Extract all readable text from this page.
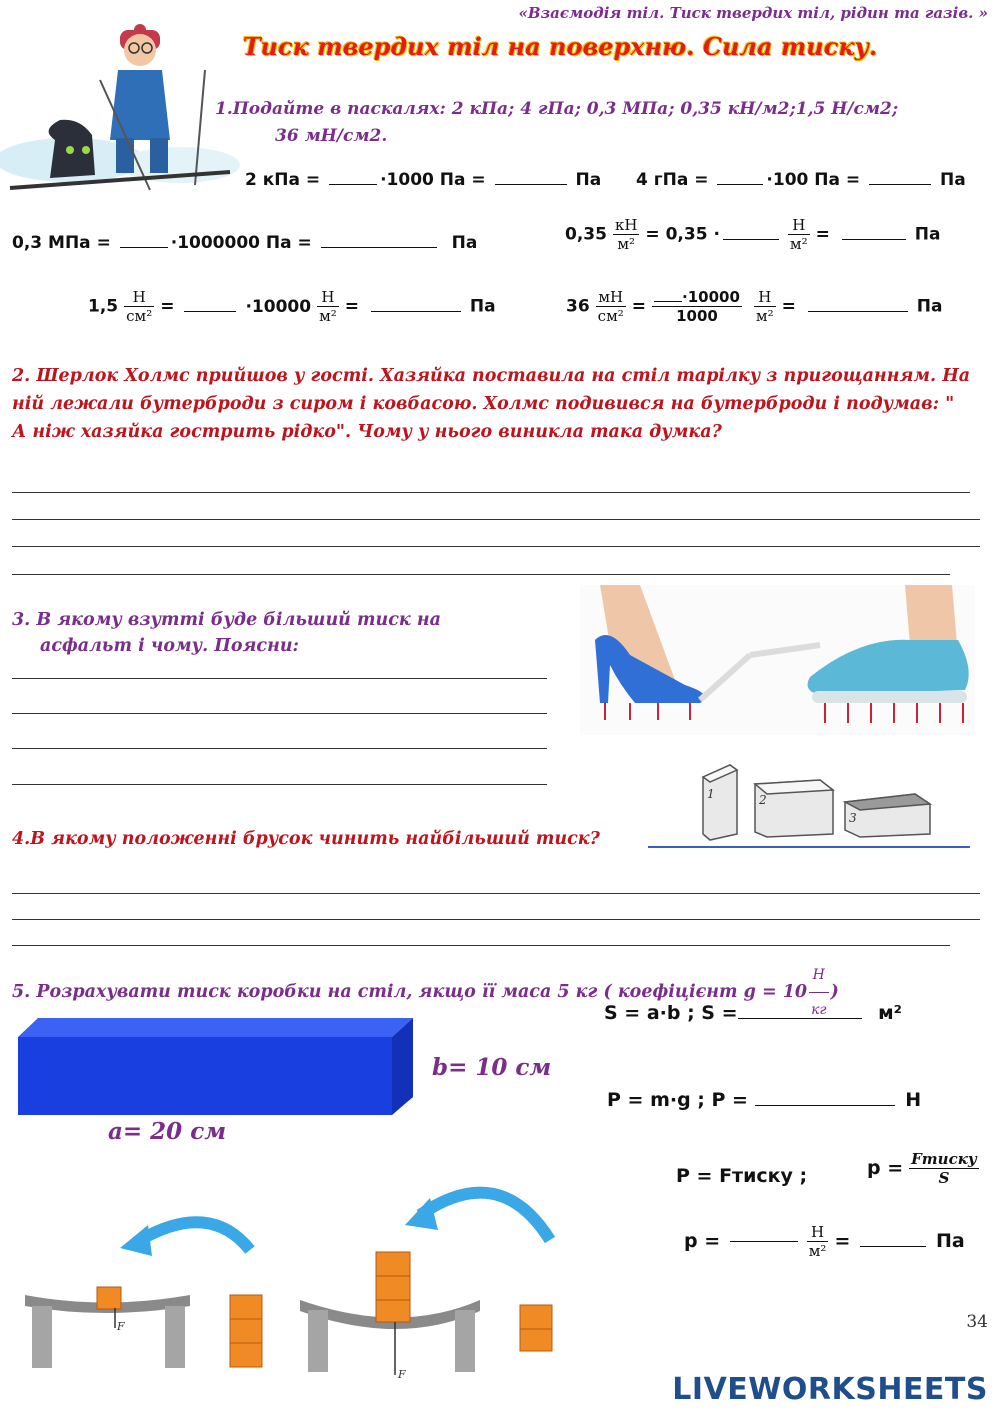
«Взаємодія тіл. Тиск твердих тіл, рідин та газів. »
Тиск твердих тіл на поверхню. Сила тиску.
1.Подайте в паскалях: 2 кПа; 4 гПа; 0,3 МПа; 0,35 кН/м2;1,5 Н/см2;
36 мН/см2.
2 кПа =	·1000 Па =	Па 4 гПа =	·100 Па =	Па
0,3 МПа =	·1000000 Па =	Па	$0,35 \frac{кН}{\text{м²}} = 0,35$ ·	$\frac{Н}{\text{м²}}$ =	Па
$1,5 \frac{Н}{\text{см²}}$ =	$\cdot 10000 \frac{Н}{\text{м²}}$ =	Па	$36 \frac{мН}{\text{см²}} = \frac{\cdot 10000}{1000} \frac{Н}{\text{м²}}$ =	Па
2. Шерлок Холмс прийшов у гості. Хазяйка поставила на стіл тарілку з пригощанням. На ній лежали бутерброди з сиром і ковбасою. Холмс подивився на бутерброди і подумав: " А ніж хазяйка гострить рідко". Чому у нього виникла така думка?
3. В якому взутті буде більший тиск на
асфальт і чому. Поясни:
1	2
3
4.В якому положенні брусок чинить найбільший тиск?
5. Розрахувати тиск коробки на стіл, якщо її маса 5 кг ( коефіцієнт $g = 10 \frac{Н}{кг}$ )
b= 10 см
a= 20 см
S = a·b ; S =	м²
P = m·g ; P =	Н
P = Fтиску ;	$p = \frac{\text{Fтиску}}{S}$
p =	$\frac{Н}{\text{м²}}$ =	Па
F
F
34
LIVEWORKSHEETS
